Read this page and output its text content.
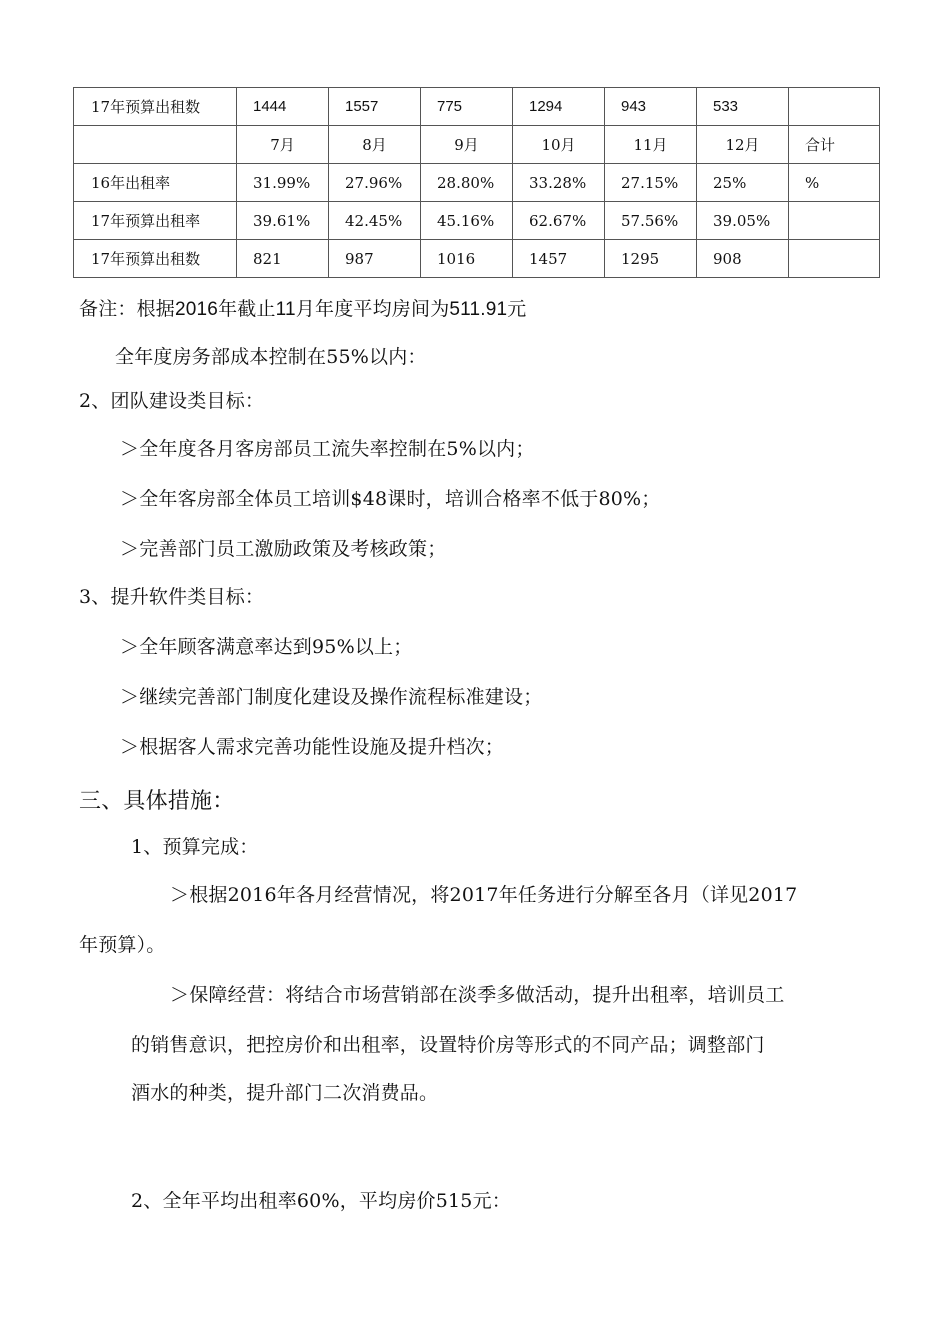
17年预算出租数	1444	1557	775	1294	943	533	
	7月	8月	9月	10月	11月	12月	合计
16年出租率	31.99%	27.96%	28.80%	33.28%	27.15%	25%	%
17年预算出租率	39.61%	42.45%	45.16%	62.67%	57.56%	39.05%	
17年预算出租数	821	987	1016	1457	1295	908	
备注：根据2016年截止11月年度平均房间为511.91元
全年度房务部成本控制在55%以内：
2、团队建设类目标：
＞全年度各月客房部员工流失率控制在5%以内；
＞全年客房部全体员工培训$48课时，培训合格率不低于80%；
＞完善部门员工激励政策及考核政策；
3、提升软件类目标：
＞全年顾客满意率达到95%以上；
＞继续完善部门制度化建设及操作流程标准建设；
＞根据客人需求完善功能性设施及提升档次；
三、具体措施：
1、预算完成：
＞根据2016年各月经营情况，将2017年任务进行分解至各月（详见2017
年预算）。
＞保障经营：将结合市场营销部在淡季多做活动，提升出租率，培训员工
的销售意识，把控房价和出租率，设置特价房等形式的不同产品；调整部门
酒水的种类，提升部门二次消费品。
2、全年平均出租率60%，平均房价515元：
